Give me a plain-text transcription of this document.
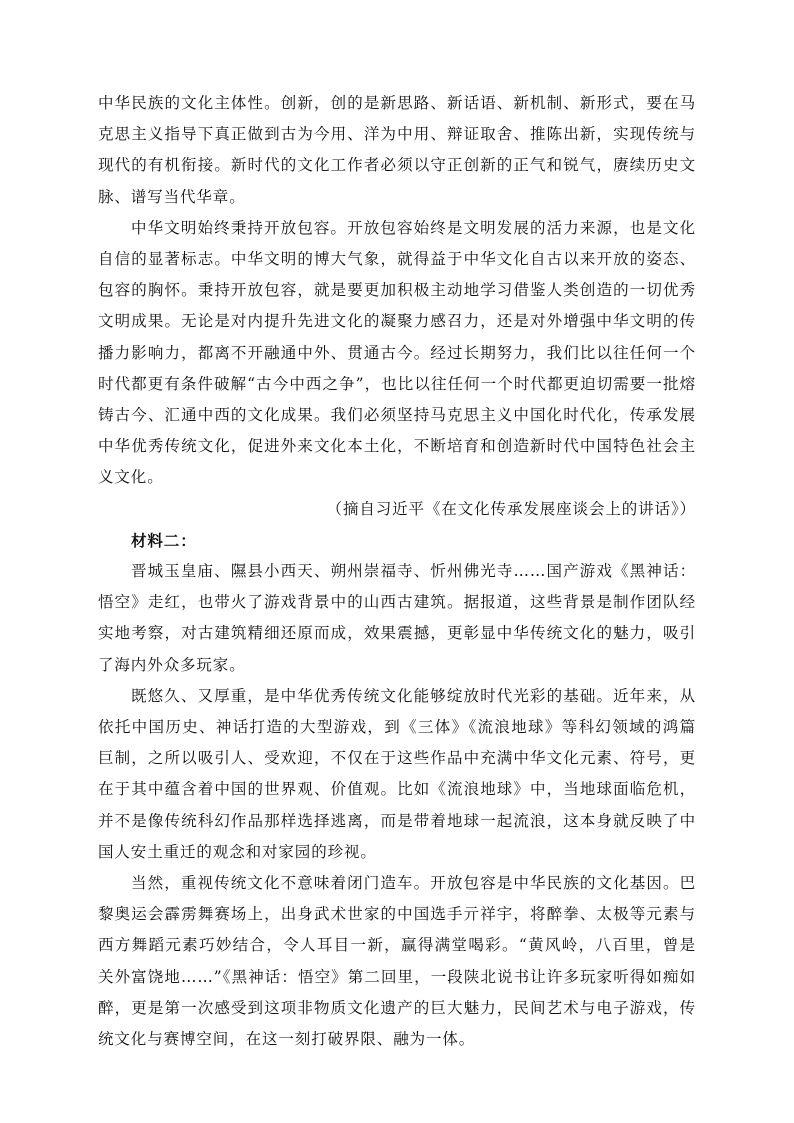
中华民族的文化主体性。创新，创的是新思路、新话语、新机制、新形式，要在马克思主义指导下真正做到古为今用、洋为中用、辩证取舍、推陈出新，实现传统与现代的有机衔接。新时代的文化工作者必须以守正创新的正气和锐气，赓续历史文脉、谱写当代华章。

中华文明始终秉持开放包容。开放包容始终是文明发展的活力来源，也是文化自信的显著标志。中华文明的博大气象，就得益于中华文化自古以来开放的姿态、包容的胸怀。秉持开放包容，就是要更加积极主动地学习借鉴人类创造的一切优秀文明成果。无论是对内提升先进文化的凝聚力感召力，还是对外增强中华文明的传播力影响力，都离不开融通中外、贯通古今。经过长期努力，我们比以往任何一个时代都更有条件破解“古今中西之争”，也比以往任何一个时代都更迫切需要一批熔铸古今、汇通中西的文化成果。我们必须坚持马克思主义中国化时代化，传承发展中华优秀传统文化，促进外来文化本土化，不断培育和创造新时代中国特色社会主义文化。

（摘自习近平《在文化传承发展座谈会上的讲话》）

材料二：

晋城玉皇庙、隰县小西天、朔州崇福寺、忻州佛光寺……国产游戏《黑神话：悟空》走红，也带火了游戏背景中的山西古建筑。据报道，这些背景是制作团队经实地考察，对古建筑精细还原而成，效果震撼，更彰显中华传统文化的魅力，吸引了海内外众多玩家。

既悠久、又厚重，是中华优秀传统文化能够绽放时代光彩的基础。近年来，从依托中国历史、神话打造的大型游戏，到《三体》《流浪地球》等科幻领域的鸿篇巨制，之所以吸引人、受欢迎，不仅在于这些作品中充满中华文化元素、符号，更在于其中蕴含着中国的世界观、价值观。比如《流浪地球》中，当地球面临危机，并不是像传统科幻作品那样选择逃离，而是带着地球一起流浪，这本身就反映了中国人安土重迁的观念和对家园的珍视。

当然，重视传统文化不意味着闭门造车。开放包容是中华民族的文化基因。巴黎奥运会霹雳舞赛场上，出身武术世家的中国选手亓祥宇，将醉拳、太极等元素与西方舞蹈元素巧妙结合，令人耳目一新，赢得满堂喝彩。“黄风岭，八百里，曾是关外富饶地……”《黑神话：悟空》第二回里，一段陕北说书让许多玩家听得如痴如醉，更是第一次感受到这项非物质文化遗产的巨大魅力，民间艺术与电子游戏，传统文化与赛博空间，在这一刻打破界限、融为一体。
